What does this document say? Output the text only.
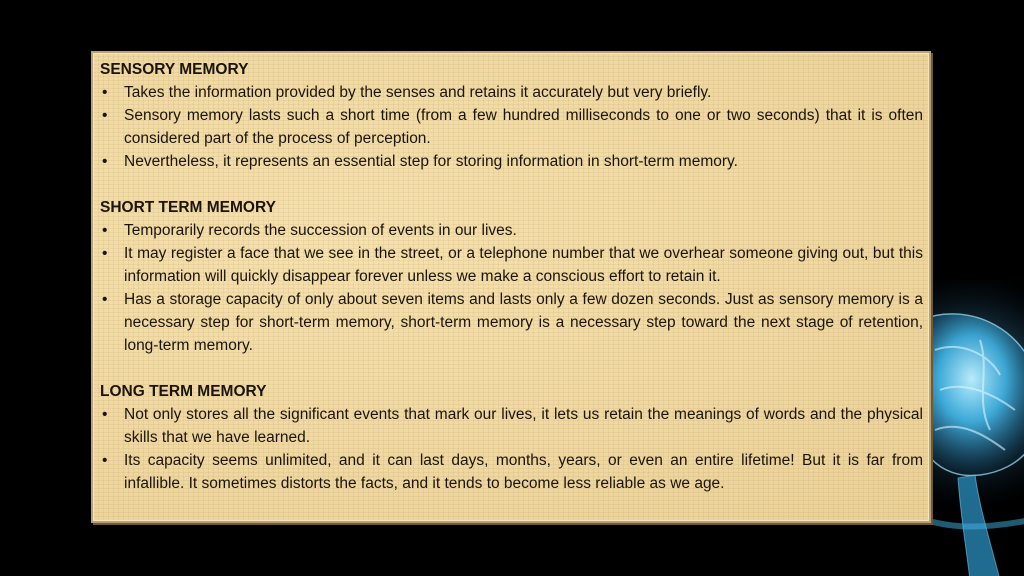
SENSORY MEMORY

• Takes the information provided by the senses and retains it accurately but very briefly.
• Sensory memory lasts such a short time (from a few hundred milliseconds to one or two seconds) that it is often considered part of the process of perception.
• Nevertheless, it represents an essential step for storing information in short-term memory.

SHORT TERM MEMORY

• Temporarily records the succession of events in our lives.
• It may register a face that we see in the street, or a telephone number that we overhear someone giving out, but this information will quickly disappear forever unless we make a conscious effort to retain it.
• Has a storage capacity of only about seven items and lasts only a few dozen seconds. Just as sensory memory is a necessary step for short-term memory, short-term memory is a necessary step toward the next stage of retention, long-term memory.

LONG TERM MEMORY

• Not only stores all the significant events that mark our lives, it lets us retain the meanings of words and the physical skills that we have learned.
• Its capacity seems unlimited, and it can last days, months, years, or even an entire lifetime! But it is far from infallible. It sometimes distorts the facts, and it tends to become less reliable as we age.
